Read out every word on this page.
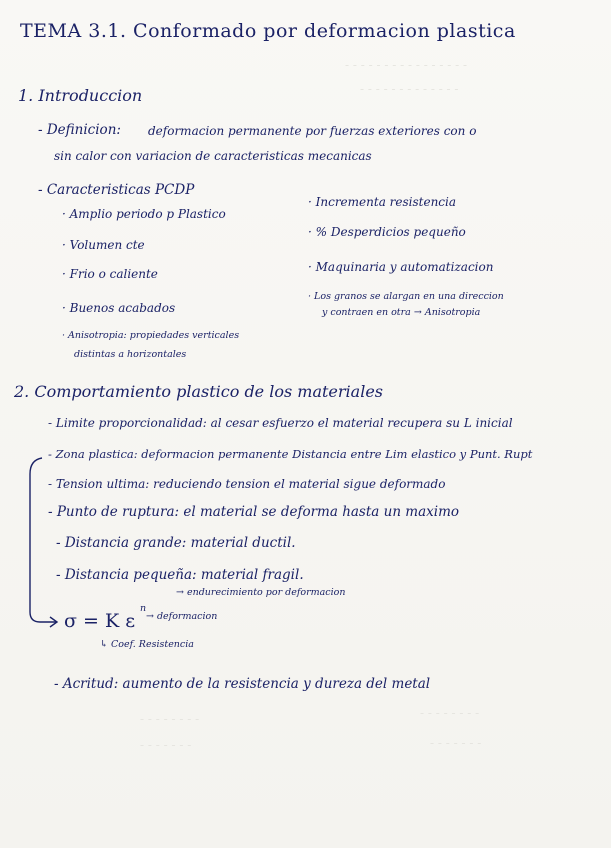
- - - - - - - - - - - - - - - -
- - - - - - - - - - - - -
- - - - - - - -
- - - - - - -
- - - - - - - -
- - - - - - -
TEMA 3.1. Conformado por deformacion plastica
1. Introduccion
- Definicion: deformacion permanente por fuerzas exteriores con o
sin calor con variacion de caracteristicas mecanicas
- Caracteristicas PCDP
· Amplio periodo p Plastico
· Volumen cte
· Frio o caliente
· Buenos acabados
· Anisotropia: propiedades verticales
distintas a horizontales
· Incrementa resistencia
· % Desperdicios pequeño
· Maquinaria y automatizacion
· Los granos se alargan en una direccion
y contraen en otra → Anisotropia
2. Comportamiento plastico de los materiales
- Limite proporcionalidad: al cesar esfuerzo el material recupera su L inicial
- Zona plastica: deformacion permanente Distancia entre Lim elastico y Punt. Rupt
- Tension ultima: reduciendo tension el material sigue deformado
- Punto de ruptura: el material se deforma hasta un maximo
- Distancia grande: material ductil.
- Distancia pequeña: material fragil.
σ = K ε
n
→ endurecimiento por deformacion
→ deformacion
↳ Coef. Resistencia
- Acritud: aumento de la resistencia y dureza del metal
